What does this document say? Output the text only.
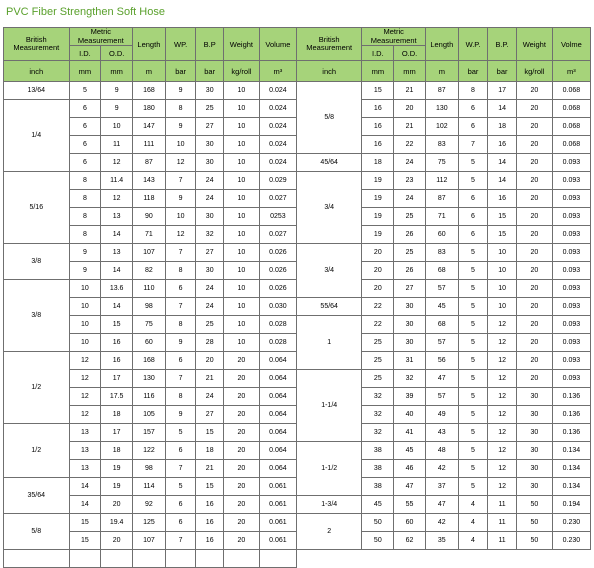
PVC Fiber Strengthen Soft Hose
British Measurement	Metric Measurement		Length	WP.	B.P	Weight	Volume	British Measurement	Metric Measurement		Length	W.P.	B.P.	Weight	Volme
	I.D.	O.D.							I.D.	O.D.					
inch	mm	mm	m	bar	bar	kg/roll	m³	inch	mm	mm	m	bar	bar	kg/roll	m³
13/64	5	9	168	9	30	10	0.024	5/8	15	21	87	8	17	20	0.068
1/4	6	9	180	8	25	10	0.024		16	20	130	6	14	20	0.068
	6	10	147	9	27	10	0.024		16	21	102	6	18	20	0.068
	6	11	111	10	30	10	0.024		16	22	83	7	16	20	0.068
	6	12	87	12	30	10	0.024	45/64	18	24	75	5	14	20	0.093
5/16	8	11.4	143	7	24	10	0.029	3/4	19	23	112	5	14	20	0.093
	8	12	118	9	24	10	0.027		19	24	87	6	16	20	0.093
	8	13	90	10	30	10	0253		19	25	71	6	15	20	0.093
	8	14	71	12	32	10	0.027		19	26	60	6	15	20	0.093
3/8	9	13	107	7	27	10	0.026	3/4	20	25	83	5	10	20	0.093
	9	14	82	8	30	10	0.026		20	26	68	5	10	20	0.093
3/8	10	13.6	110	6	24	10	0.026		20	27	57	5	10	20	0.093
	10	14	98	7	24	10	0.030	55/64	22	30	45	5	10	20	0.093
	10	15	75	8	25	10	0.028	1	22	30	68	5	12	20	0.093
	10	16	60	9	28	10	0.028		25	30	57	5	12	20	0.093
1/2	12	16	168	6	20	20	0.064		25	31	56	5	12	20	0.093
	12	17	130	7	21	20	0.064	1-1/4	25	32	47	5	12	20	0.093
	12	17.5	116	8	24	20	0.064		32	39	57	5	12	30	0.136
	12	18	105	9	27	20	0.064		32	40	49	5	12	30	0.136
1/2	13	17	157	5	15	20	0.064		32	41	43	5	12	30	0.136
	13	18	122	6	18	20	0.064	1-1/2	38	45	48	5	12	30	0.134
	13	19	98	7	21	20	0.064		38	46	42	5	12	30	0.134
35/64	14	19	114	5	15	20	0.061		38	47	37	5	12	30	0.134
	14	20	92	6	16	20	0.061	1-3/4	45	55	47	4	11	50	0.194
5/8	15	19.4	125	6	16	20	0.061	2	50	60	42	4	11	50	0.230
	15	20	107	7	16	20	0.061		50	62	35	4	11	50	0.230
